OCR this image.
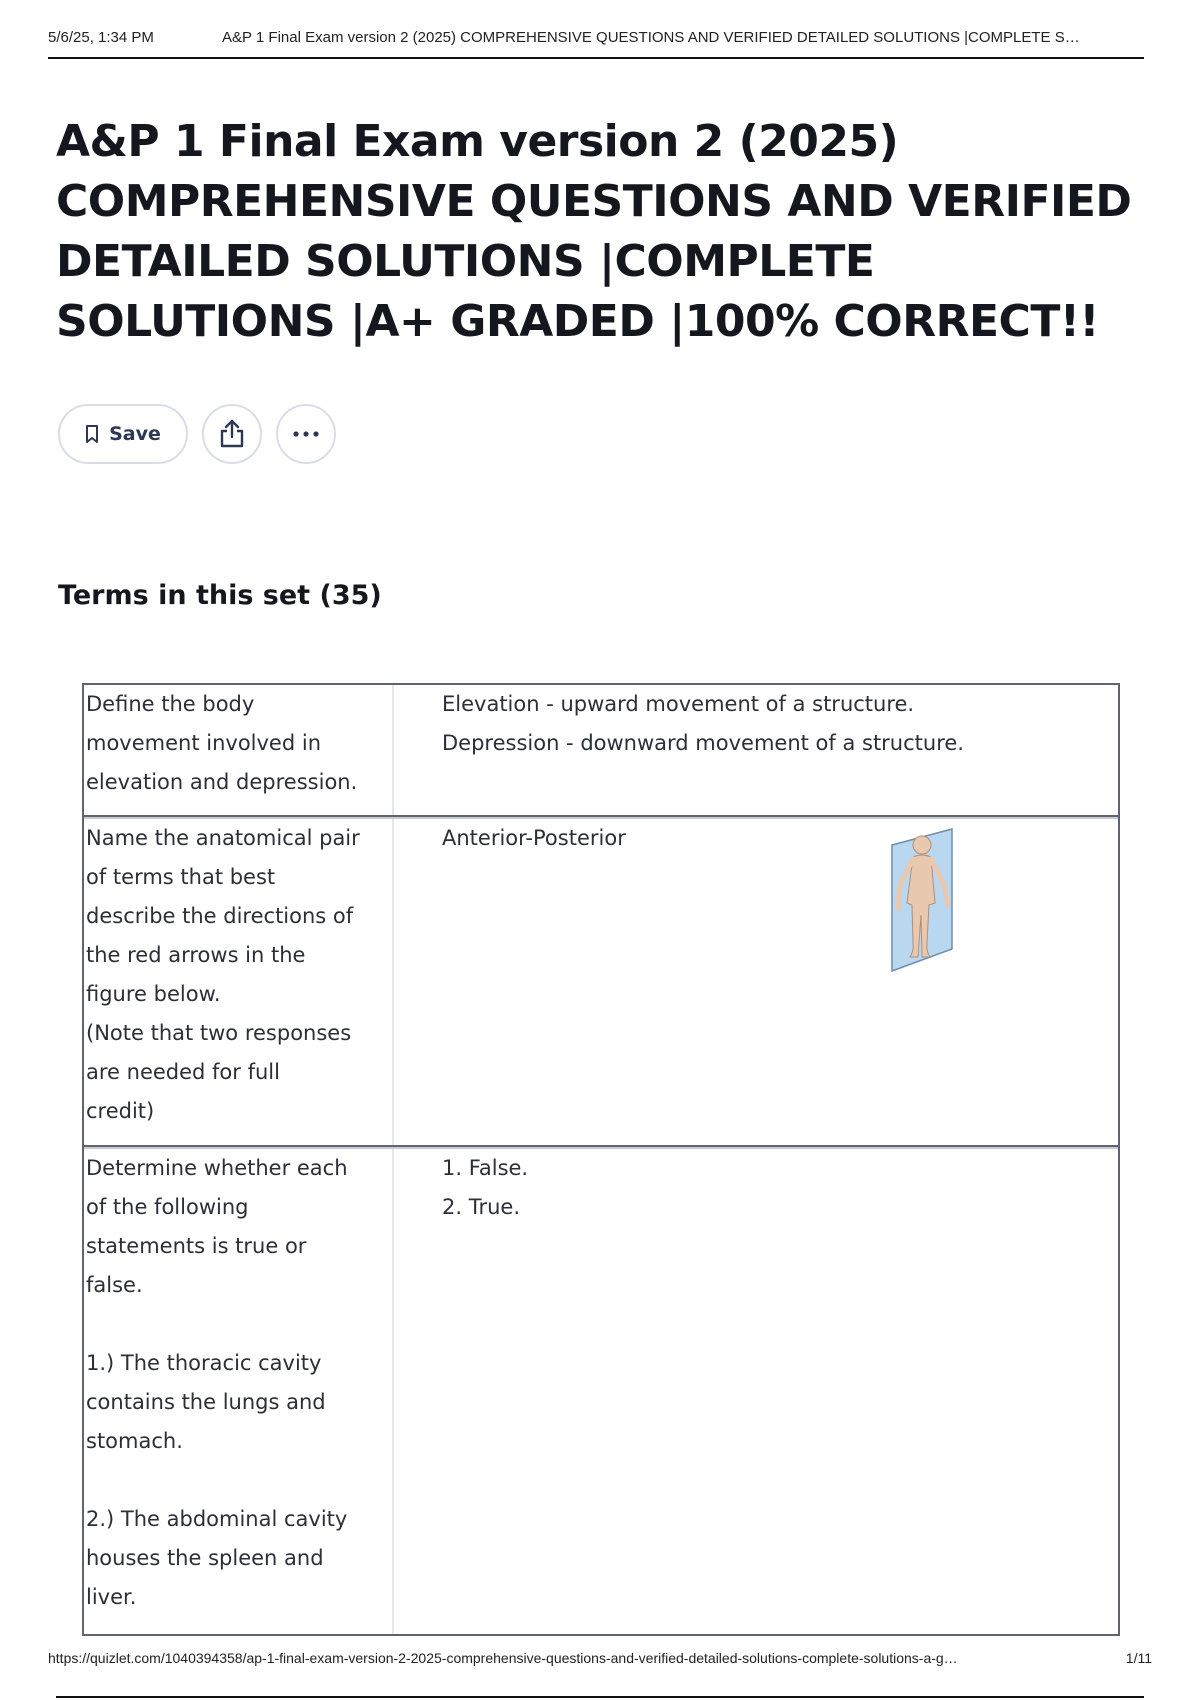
5/6/25, 1:34 PM	A&P 1 Final Exam version 2 (2025) COMPREHENSIVE QUESTIONS AND VERIFIED DETAILED SOLUTIONS |COMPLETE S…
A&P 1 Final Exam version 2 (2025) COMPREHENSIVE QUESTIONS AND VERIFIED DETAILED SOLUTIONS |COMPLETE SOLUTIONS |A+ GRADED |100% CORRECT!!
Save
Terms in this set (35)
Define the body
movement involved in
elevation and depression.
Elevation - upward movement of a structure.
Depression - downward movement of a structure.
Name the anatomical pair
of terms that best
describe the directions of
the red arrows in the
figure below.
(Note that two responses
are needed for full
credit)
Anterior-Posterior
Determine whether each
of the following
statements is true or
false.

1.) The thoracic cavity
contains the lungs and
stomach.

2.) The abdominal cavity
houses the spleen and
liver.
1. False.
2. True.
https://quizlet.com/1040394358/ap-1-final-exam-version-2-2025-comprehensive-questions-and-verified-detailed-solutions-complete-solutions-a-g…	1/11
